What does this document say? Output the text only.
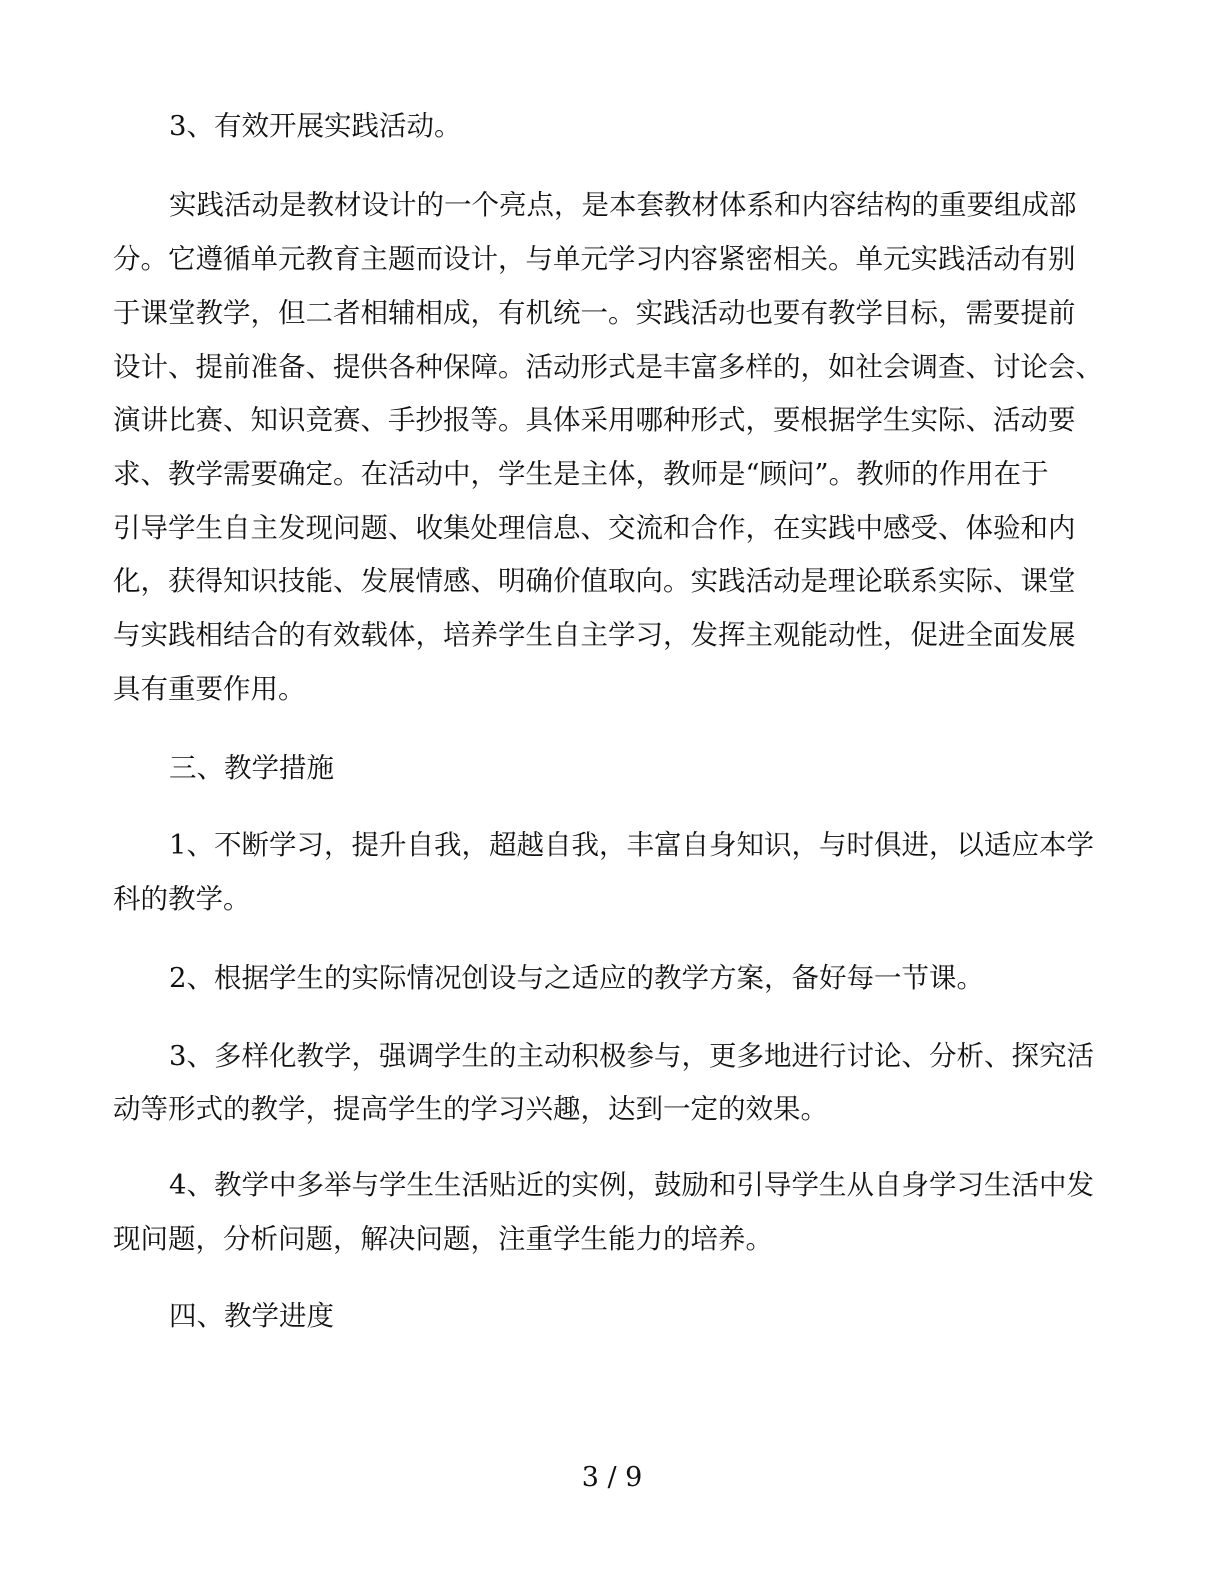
3、有效开展实践活动。
实践活动是教材设计的一个亮点，是本套教材体系和内容结构的重要组成部
分。它遵循单元教育主题而设计，与单元学习内容紧密相关。单元实践活动有别
于课堂教学，但二者相辅相成，有机统一。实践活动也要有教学目标，需要提前
设计、提前准备、提供各种保障。活动形式是丰富多样的，如社会调查、讨论会、
演讲比赛、知识竞赛、手抄报等。具体采用哪种形式，要根据学生实际、活动要
求、教学需要确定。在活动中，学生是主体，教师是“顾问”。教师的作用在于
引导学生自主发现问题、收集处理信息、交流和合作，在实践中感受、体验和内
化，获得知识技能、发展情感、明确价值取向。实践活动是理论联系实际、课堂
与实践相结合的有效载体，培养学生自主学习，发挥主观能动性，促进全面发展
具有重要作用。
三、教学措施
1、不断学习，提升自我，超越自我，丰富自身知识，与时俱进，以适应本学
科的教学。
2、根据学生的实际情况创设与之适应的教学方案，备好每一节课。
3、多样化教学，强调学生的主动积极参与，更多地进行讨论、分析、探究活
动等形式的教学，提高学生的学习兴趣，达到一定的效果。
4、教学中多举与学生生活贴近的实例，鼓励和引导学生从自身学习生活中发
现问题，分析问题，解决问题，注重学生能力的培养。
四、教学进度
3 / 9
